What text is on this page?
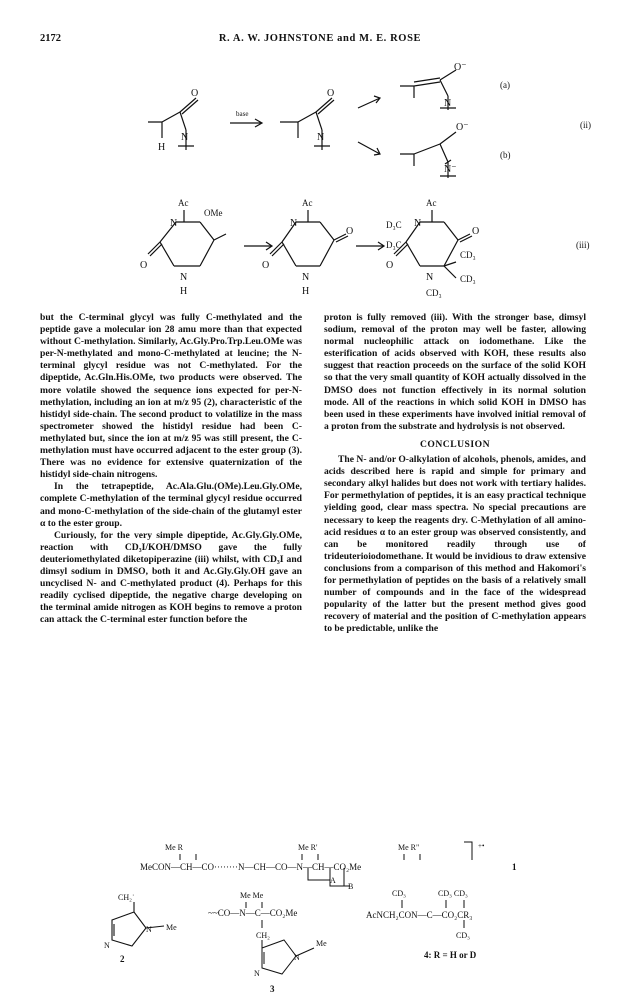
2172	R. A. W. JOHNSTONE and M. E. ROSE
O
N
H
base
O
N
O⁻
N
O⁻
N⁻
(a)
(b)
(ii)
Ac
N
OMe
O
N
H
Ac
N
O
O
N
H
Ac
N
O
D₃C
D₃C
O
N
CD₃
CD₃
CD₃
(iii)

but the C-terminal glycyl was fully C-methylated and the peptide gave a molecular ion 28 amu more than that expected without C-methylation. Similarly, Ac.Gly.Pro.Trp.Leu.OMe was per-N-methylated and mono-C-methylated at leucine; the N-terminal glycyl residue was not C-methylated. For the dipeptide, Ac.Gln.His.OMe, two products were observed. The more volatile showed the sequence ions expected for per-N-methylation, including an ion at m/z 95 (2), characteristic of the histidyl side-chain. The second product to volatilize in the mass spectrometer showed the histidyl residue had been C-methylated but, since the ion at m/z 95 was still present, the C-methylation must have occurred adjacent to the ester group (3). There was no evidence for extensive quaternization of the histidyl side-chain nitrogens.

In the tetrapeptide, Ac.Ala.Glu.(OMe).Leu.Gly.OMe, complete C-methylation of the terminal glycyl residue occurred and mono-C-methylation of the side-chain of the glutamyl ester α to the ester group.

Curiously, for the very simple dipeptide, Ac.Gly.Gly.OMe, reaction with CD₃I/KOH/DMSO gave the fully deuteriomethylated diketopiperazine (iii) whilst, with CD₃I and dimsyl sodium in DMSO, both it and Ac.Gly.Gly.OH gave an uncyclised N- and C-methylated product (4). Perhaps for this readily cyclised dipeptide, the negative charge developing on the terminal amide nitrogen as KOH begins to remove a proton can attack the C-terminal ester function before the

proton is fully removed (iii). With the stronger base, dimsyl sodium, removal of the proton may well be faster, allowing normal nucleophilic attack on iodomethane. Like the esterification of acids observed with KOH, these results also suggest that reaction proceeds on the surface of the solid KOH so that the very small quantity of KOH actually dissolved in the DMSO does not function effectively in its normal solution mode. All of the reactions in which solid KOH in DMSO has been used in these experiments have involved initial removal of a proton from the substrate and hydrolysis is not observed.

CONCLUSION

The N- and/or O-alkylation of alcohols, phenols, amides, and acids described here is rapid and simple for primary and secondary alkyl halides but does not work with tertiary halides. For permethylation of peptides, it is an easy practical technique yielding good, clear mass spectra. No special precautions are necessary to keep the reagents dry. C-Methylation of all amino-acid residues α to an ester group was observed consistently, and can be monitored readily through use of trideuterioiodomethane. It would be invidious to draw extensive conclusions from a comparison of this method and Hakomori's for permethylation of peptides on the basis of a relatively small number of compounds and in the face of the widespread popularity of the latter but the present method gives good recovery of material and the position of C-methylation appears to be predictable, unlike the

Me R	Me R'	Me R"
MeCON—CH—CO········N—CH—CO—N—CH—CO₂Me
A
B
+•
1
CH₂˙
N Me
N
2
Me Me
~~CO—N—C—CO₂Me
CH₂
N
Me
N
3
CD₃	CD₃ CD₃
AcNCH₂CON—C—CO₂CR₃
CD₃
4: R = H or D
